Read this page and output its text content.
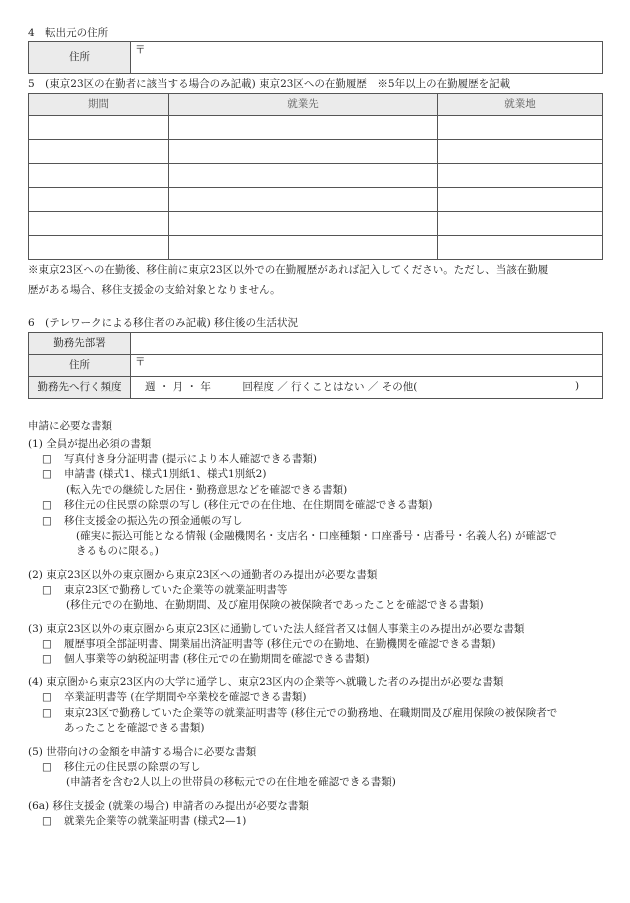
4　転出元の住所
住所	〒
5　(東京23区の在勤者に該当する場合のみ記載) 東京23区への在勤履歴　※5年以上の在勤履歴を記載
期間	就業先	就業地

※東京23区への在勤後、移住前に東京23区以外での在勤履歴があれば記入してください。ただし、当該在勤履
歴がある場合、移住支援金の支給対象となりません。
6　(テレワークによる移住者のみ記載) 移住後の生活状況
勤務先部署	
住所	〒
勤務先へ行く頻度	週 ・ 月 ・ 年　　　回程度 ／ 行くことはない ／ その他( )

申請に必要な書類

(1) 全員が提出必須の書類

□ 写真付き身分証明書 (提示により本人確認できる書類)

□ 申請書 (様式1、様式1別紙1、様式1別紙2)

(転入先での継続した居住・勤務意思などを確認できる書類)

□ 移住元の住民票の除票の写し (移住元での在住地、在住期間を確認できる書類)

□ 移住支援金の振込先の預金通帳の写し

(確実に振込可能となる情報 (金融機関名・支店名・口座種類・口座番号・店番号・名義人名) が確認で

きるものに限る。)

(2) 東京23区以外の東京圏から東京23区への通勤者のみ提出が必要な書類

□ 東京23区で勤務していた企業等の就業証明書等

(移住元での在勤地、在勤期間、及び雇用保険の被保険者であったことを確認できる書類)

(3) 東京23区以外の東京圏から東京23区に通勤していた法人経営者又は個人事業主のみ提出が必要な書類

□ 履歴事項全部証明書、開業届出済証明書等 (移住元での在勤地、在勤機関を確認できる書類)

□ 個人事業等の納税証明書 (移住元での在勤期間を確認できる書類)

(4) 東京圏から東京23区内の大学に通学し、東京23区内の企業等へ就職した者のみ提出が必要な書類

□ 卒業証明書等 (在学期間や卒業校を確認できる書類)

□ 東京23区で勤務していた企業等の就業証明書等 (移住元での勤務地、在職期間及び雇用保険の被保険者で

あったことを確認できる書類)

(5) 世帯向けの金額を申請する場合に必要な書類

□ 移住元の住民票の除票の写し

(申請者を含む2人以上の世帯員の移転元での在住地を確認できる書類)

(6a) 移住支援金 (就業の場合) 申請者のみ提出が必要な書類

□ 就業先企業等の就業証明書 (様式2—1)
